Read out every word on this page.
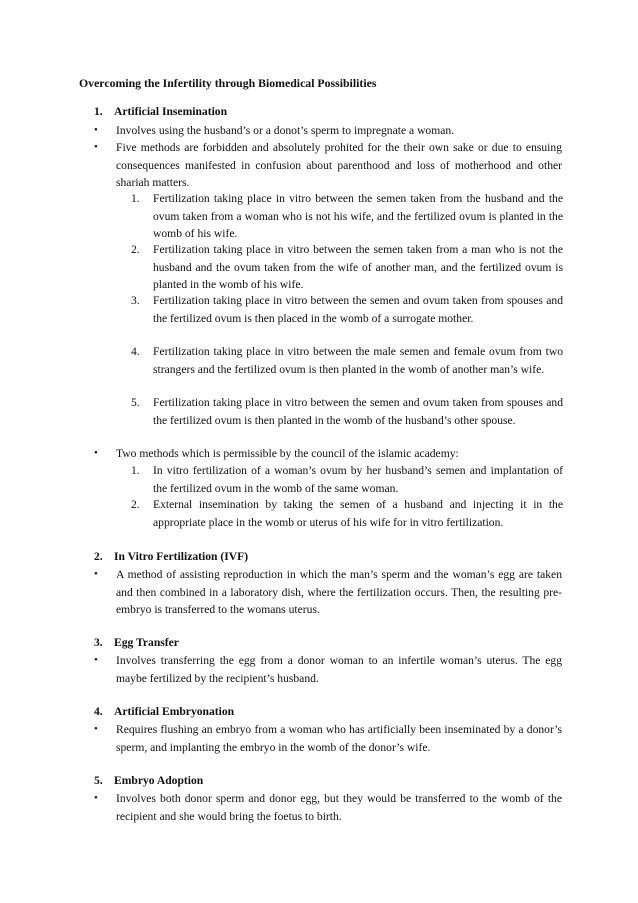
Overcoming the Infertility through Biomedical Possibilities
1. Artificial Insemination
• Involves using the husband’s or a donot’s sperm to impregnate a woman.
• Five methods are forbidden and absolutely prohited for the their own sake or due to ensuing consequences manifested in confusion about parenthood and loss of motherhood and other shariah matters.
1. Fertilization taking place in vitro between the semen taken from the husband and the ovum taken from a woman who is not his wife, and the fertilized ovum is planted in the womb of his wife.
2. Fertilization taking place in vitro between the semen taken from a man who is not the husband and the ovum taken from the wife of another man, and the fertilized ovum is planted in the womb of his wife.
3. Fertilization taking place in vitro between the semen and ovum taken from spouses and the fertilized ovum is then placed in the womb of a surrogate mother.
4. Fertilization taking place in vitro between the male semen and female ovum from two strangers and the fertilized ovum is then planted in the womb of another man’s wife.
5. Fertilization taking place in vitro between the semen and ovum taken from spouses and the fertilized ovum is then planted in the womb of the husband’s other spouse.
• Two methods which is permissible by the council of the islamic academy:
1. In vitro fertilization of a woman’s ovum by her husband’s semen and implantation of the fertilized ovum in the womb of the same woman.
2. External insemination by taking the semen of a husband and injecting it in the appropriate place in the womb or uterus of his wife for in vitro fertilization.
2. In Vitro Fertilization (IVF)
• A method of assisting reproduction in which the man’s sperm and the woman’s egg are taken and then combined in a laboratory dish, where the fertilization occurs. Then, the resulting pre-embryo is transferred to the womans uterus.
3. Egg Transfer
• Involves transferring the egg from a donor woman to an infertile woman’s uterus. The egg maybe fertilized by the recipient’s husband.
4. Artificial Embryonation
• Requires flushing an embryo from a woman who has artificially been inseminated by a donor’s sperm, and implanting the embryo in the womb of the donor’s wife.
5. Embryo Adoption
• Involves both donor sperm and donor egg, but they would be transferred to the womb of the recipient and she would bring the foetus to birth.
